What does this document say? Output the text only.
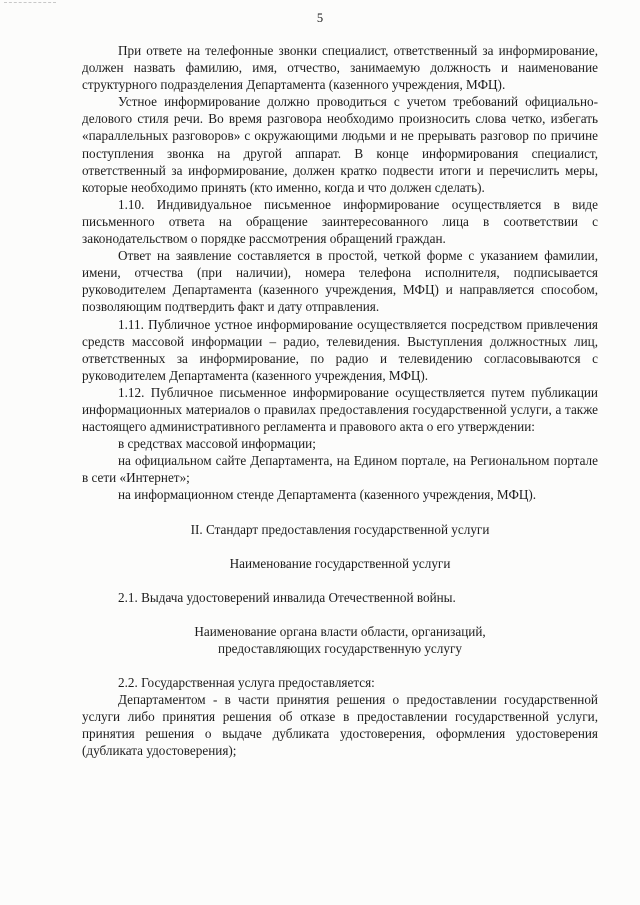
5

При ответе на телефонные звонки специалист, ответственный за информирование, должен назвать фамилию, имя, отчество, занимаемую должность и наименование структурного подразделения Департамента (казенного учреждения, МФЦ).

Устное информирование должно проводиться с учетом требований официально-делового стиля речи. Во время разговора необходимо произносить слова четко, избегать «параллельных разговоров» с окружающими людьми и не прерывать разговор по причине поступления звонка на другой аппарат. В конце информирования специалист, ответственный за информирование, должен кратко подвести итоги и перечислить меры, которые необходимо принять (кто именно, когда и что должен сделать).

1.10. Индивидуальное письменное информирование осуществляется в виде письменного ответа на обращение заинтересованного лица в соответствии с законодательством о порядке рассмотрения обращений граждан.

Ответ на заявление составляется в простой, четкой форме с указанием фамилии, имени, отчества (при наличии), номера телефона исполнителя, подписывается руководителем Департамента (казенного учреждения, МФЦ) и направляется способом, позволяющим подтвердить факт и дату отправления.

1.11. Публичное устное информирование осуществляется посредством привлечения средств массовой информации – радио, телевидения. Выступления должностных лиц, ответственных за информирование, по радио и телевидению согласовываются с руководителем Департамента (казенного учреждения, МФЦ).

1.12. Публичное письменное информирование осуществляется путем публикации информационных материалов о правилах предоставления государственной услуги, а также настоящего административного регламента и правового акта о его утверждении:

в средствах массовой информации;

на официальном сайте Департамента, на Едином портале, на Региональном портале в сети «Интернет»;

на информационном стенде Департамента (казенного учреждения, МФЦ).

II. Стандарт предоставления государственной услуги

Наименование государственной услуги

2.1. Выдача удостоверений инвалида Отечественной войны.

Наименование органа власти области, организаций,

предоставляющих государственную услугу

2.2. Государственная услуга предоставляется:

Департаментом - в части принятия решения о предоставлении государственной услуги либо принятия решения об отказе в предоставлении государственной услуги, принятия решения о выдаче дубликата удостоверения, оформления удостоверения (дубликата удостоверения);
